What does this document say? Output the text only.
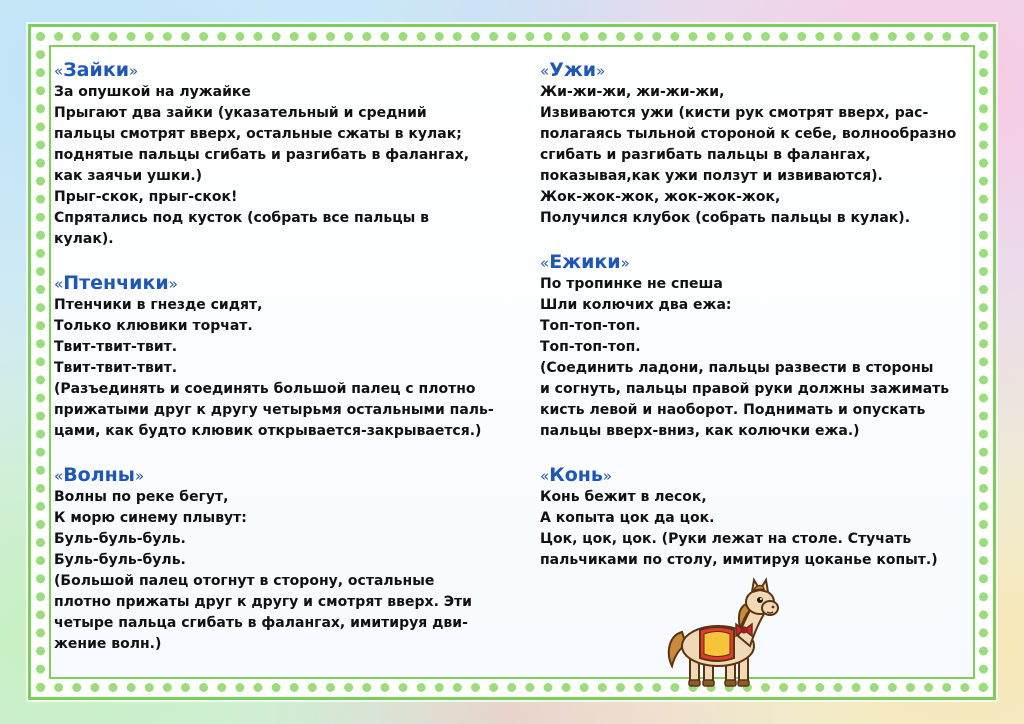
«Зайки»
За опушкой на лужайке
Прыгают два зайки (указательный и средний
пальцы смотрят вверх, остальные сжаты в кулак;
поднятые пальцы сгибать и разгибать в фалангах,
как заячьи ушки.)
Прыг-скок, прыг-скок!
Спрятались под кусток (собрать все пальцы в
кулак).
«Птенчики»
Птенчики в гнезде сидят,
Только клювики торчат.
Твит-твит-твит.
Твит-твит-твит.
(Разъединять и соединять большой палец с плотно
прижатыми друг к другу четырьмя остальными паль-
цами, как будто клювик открывается-закрывается.)
«Волны»
Волны по реке бегут,
К морю синему плывут:
Буль-буль-буль.
Буль-буль-буль.
(Большой палец отогнут в сторону, остальные
плотно прижаты друг к другу и смотрят вверх. Эти
четыре пальца сгибать в фалангах, имитируя дви-
жение волн.)
«Ужи»
Жи-жи-жи, жи-жи-жи,
Извиваются ужи (кисти рук смотрят вверх, рас-
полагаясь тыльной стороной к себе, волнообразно
сгибать и разгибать пальцы в фалангах,
показывая,как ужи ползут и извиваются).
Жок-жок-жок, жок-жок-жок,
Получился клубок (собрать пальцы в кулак).
«Ежики»
По тропинке не спеша
Шли колючих два ежа:
Топ-топ-топ.
Топ-топ-топ.
(Соединить ладони, пальцы развести в стороны
и согнуть, пальцы правой руки должны зажимать
кисть левой и наоборот. Поднимать и опускать
пальцы вверх-вниз, как колючки ежа.)
«Конь»
Конь бежит в лесок,
А копыта цок да цок.
Цок, цок, цок. (Руки лежат на столе. Стучать
пальчиками по столу, имитируя цоканье копыт.)
